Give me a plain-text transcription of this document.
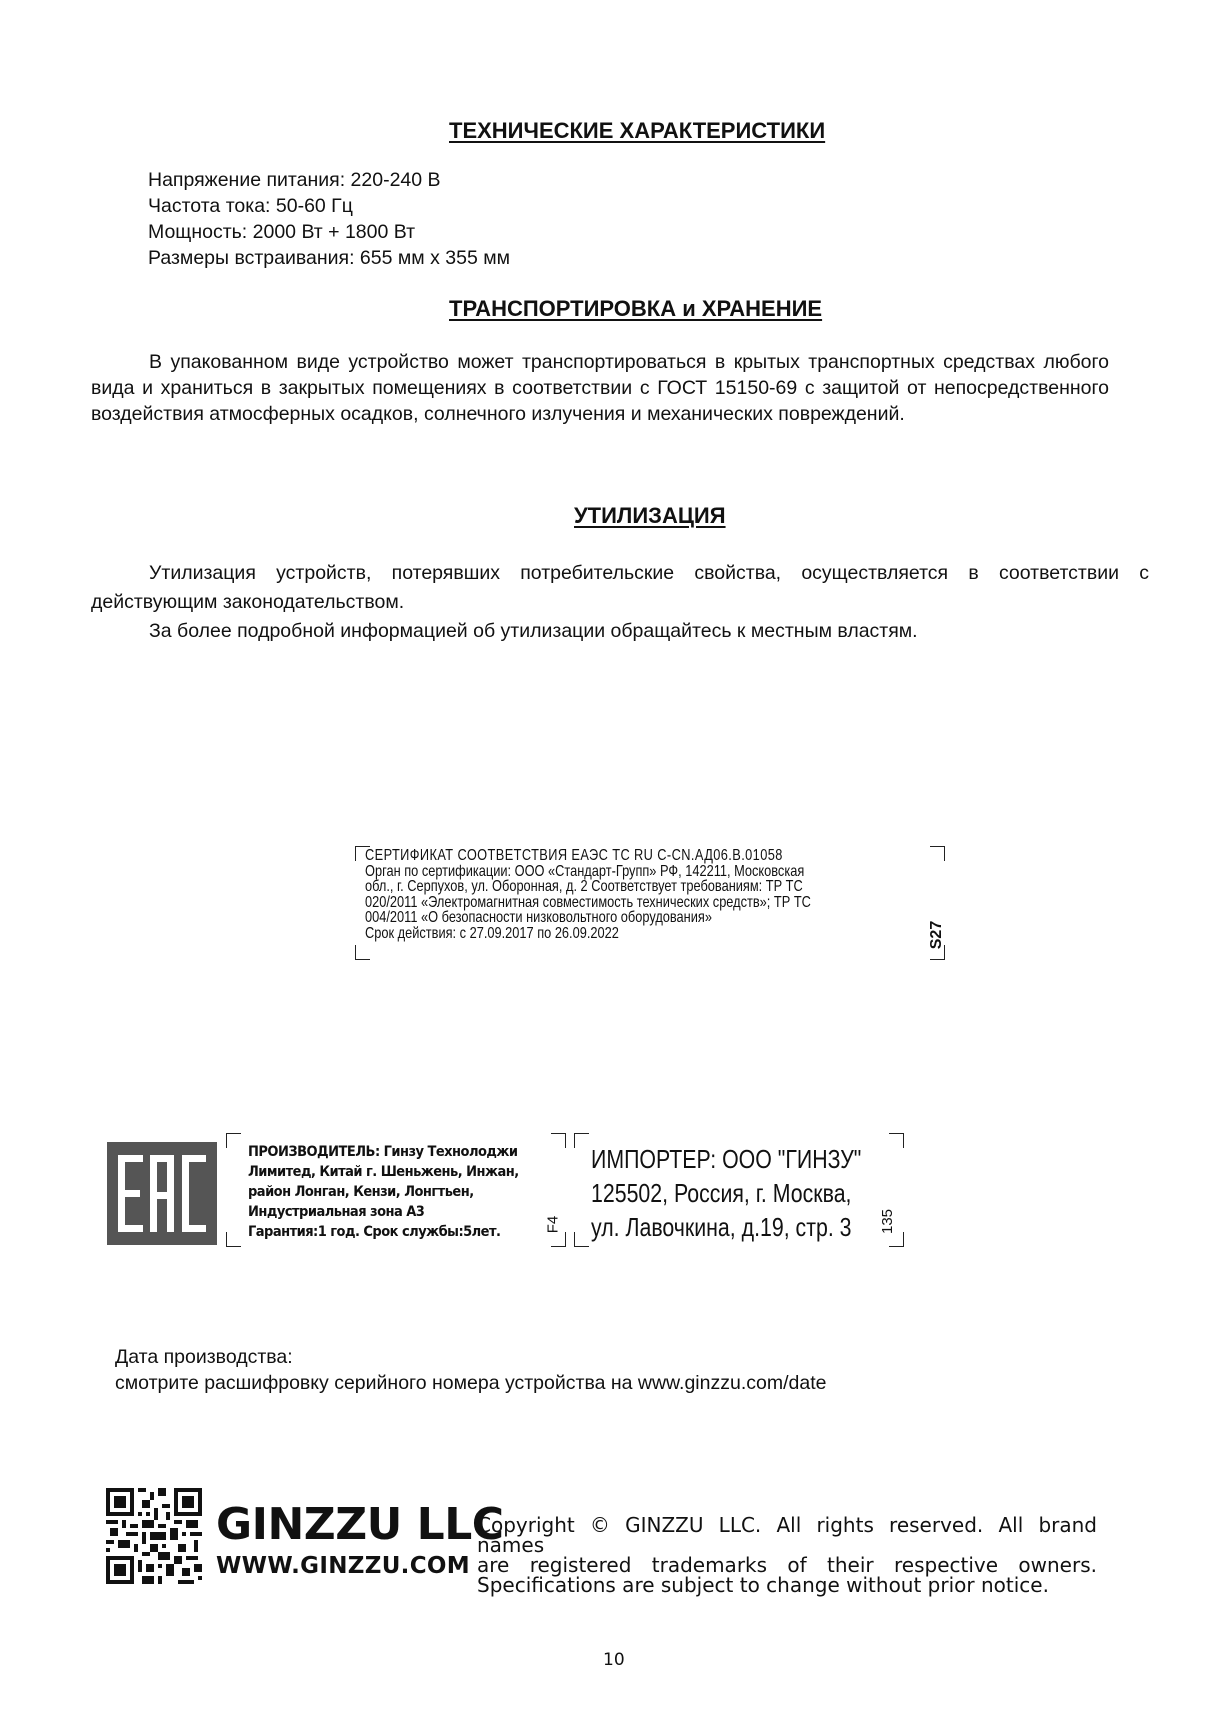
ТЕХНИЧЕСКИЕ ХАРАКТЕРИСТИКИ
Напряжение питания: 220-240 В
Частота тока: 50-60 Гц
Мощность: 2000 Вт + 1800 Вт
Размеры встраивания: 655 мм х 355 мм
ТРАНСПОРТИРОВКА и ХРАНЕНИЕ
В упакованном виде устройство может транспортироваться в крытых транспортных средствах любого вида и храниться в закрытых помещениях в соответствии с ГОСТ 15150-69 с защитой от непосредственного воздействия атмосферных осадков, солнечного излучения и механических повреждений.
УТИЛИЗАЦИЯ
Утилизация устройств, потерявших потребительские свойства, осуществляется в соответствии с действующим законодательством.
За более подробной информацией об утилизации обращайтесь к местным властям.
СЕРТИФИКАТ СООТВЕТСТВИЯ ЕАЭС TC RU C-CN.АД06.В.01058
Орган по сертификации: ООО «Стандарт-Групп» РФ, 142211, Московская
обл., г. Серпухов, ул. Оборонная, д. 2 Соответствует требованиям: ТР ТС
020/2011 «Электромагнитная совместимость технических средств»; ТР ТС
004/2011 «О безопасности низковольтного оборудования»
Срок действия: с 27.09.2017 по 26.09.2022	S27
ПРОИЗВОДИТЕЛЬ: Гинзу Технолоджи
Лимитед, Китай г. Шеньжень, Инжан,
район Лонган, Кензи, Лонгтьен,
Индустриальная зона А3
Гарантия:1 год. Срок службы:5лет.	F4
ИМПОРТЕР: ООО "ГИНЗУ"
125502, Россия, г. Москва,
ул. Лавочкина, д.19, стр. 3	135
Дата производства:
смотрите расшифровку серийного номера устройства на www.ginzzu.com/date
GINZZU LLC
WWW.GINZZU.COM
Copyright © GINZZU LLC. All rights reserved. All brand names
are registered trademarks of their respective owners.
Specifications are subject to change without prior notice.
10
